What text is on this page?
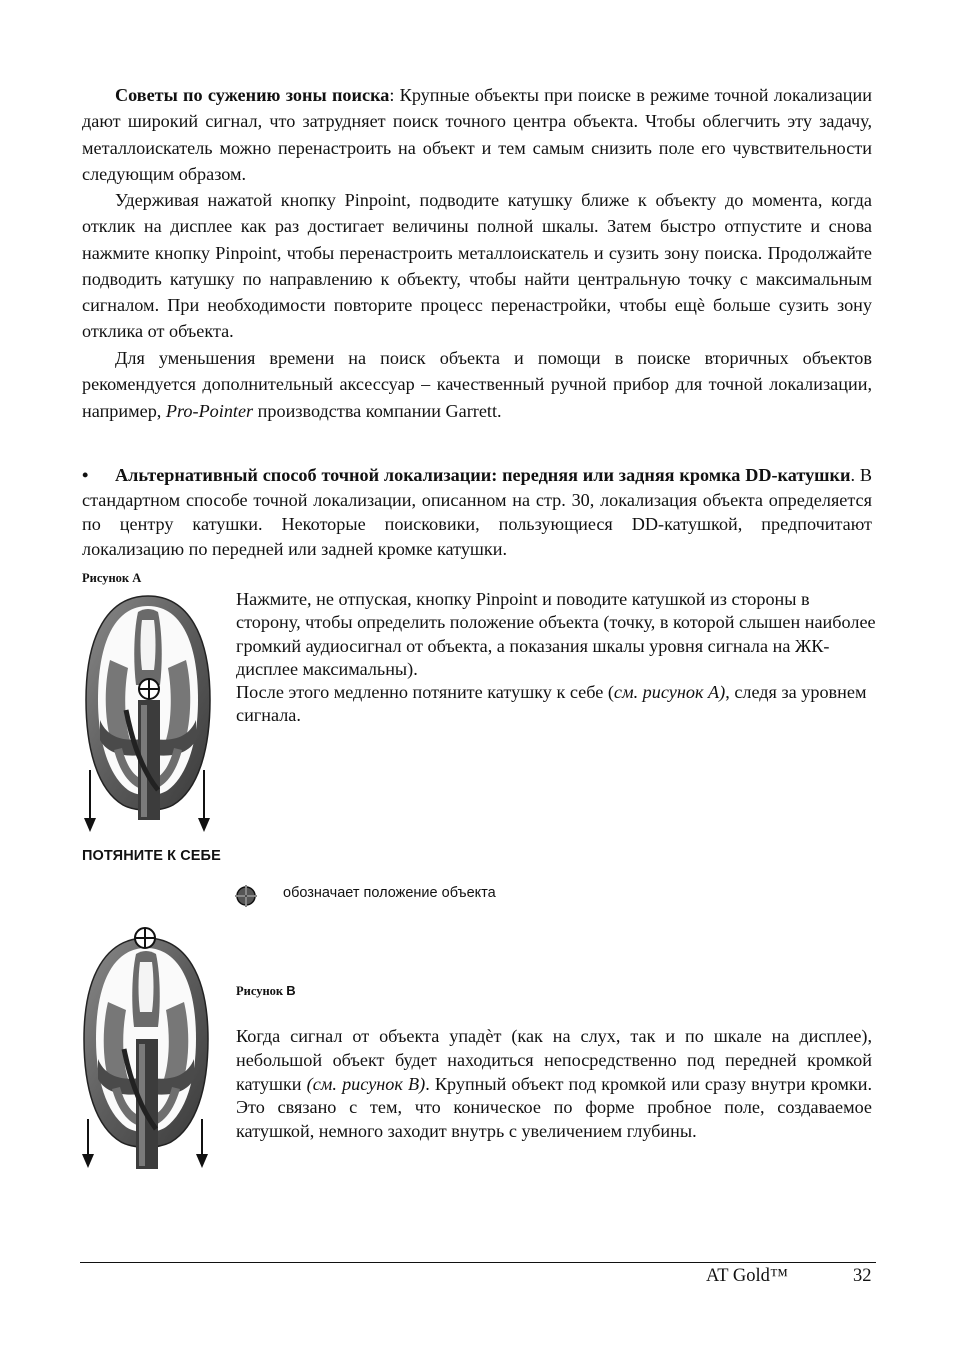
Советы по сужению зоны поиска: Крупные объекты при поиске в режиме точной локализации дают широкий сигнал, что затрудняет поиск точного центра объекта. Чтобы облегчить эту задачу, металлоискатель можно перенастроить на объект и тем самым снизить поле его чувствительности следующим образом.

Удерживая нажатой кнопку Pinpoint, подводите катушку ближе к объекту до момента, когда отклик на дисплее как раз достигает величины полной шкалы. Затем быстро отпустите и снова нажмите кнопку Pinpoint, чтобы перенастроить металлоискатель и сузить зону поиска. Продолжайте подводить катушку по направлению к объекту, чтобы найти центральную точку с максимальным сигналом. При необходимости повторите процесс перенастройки, чтобы ещѐ больше сузить зону отклика от объекта.

Для уменьшения времени на поиск объекта и помощи в поиске вторичных объектов рекомендуется дополнительный аксессуар – качественный ручной прибор для точной локализации, например, Pro-Pointer производства компании Garrett.

• Альтернативный способ точной локализации: передняя или задняя кромка DD-катушки. В стандартном способе точной локализации, описанном на стр. 30, локализация объекта определяется по центру катушки. Некоторые поисковики, пользующиеся DD-катушкой, предпочитают локализацию по передней или задней кромке катушки.

Рисунок А

Нажмите, не отпуская, кнопку Pinpoint и поводите катушкой из стороны в сторону, чтобы определить положение объекта (точку, в которой слышен наиболее громкий аудиосигнал от объекта, а показания шкалы уровня сигнала на ЖК-дисплее максимальны).
После этого медленно потяните катушку к себе (см. рисунок А), следя за уровнем сигнала.

ПОТЯНИТЕ К СЕБЕ
обозначает положение объекта
Рисунок B

Когда сигнал от объекта упадѐт (как на слух, так и по шкале на дисплее), небольшой объект будет находиться непосредственно под передней кромкой катушки (см. рисунок B). Крупный объект под кромкой или сразу внутри кромки. Это связано с тем, что коническое по форме пробное поле, создаваемое катушкой, немного заходит внутрь с увеличением глубины.

AT Gold™	32
